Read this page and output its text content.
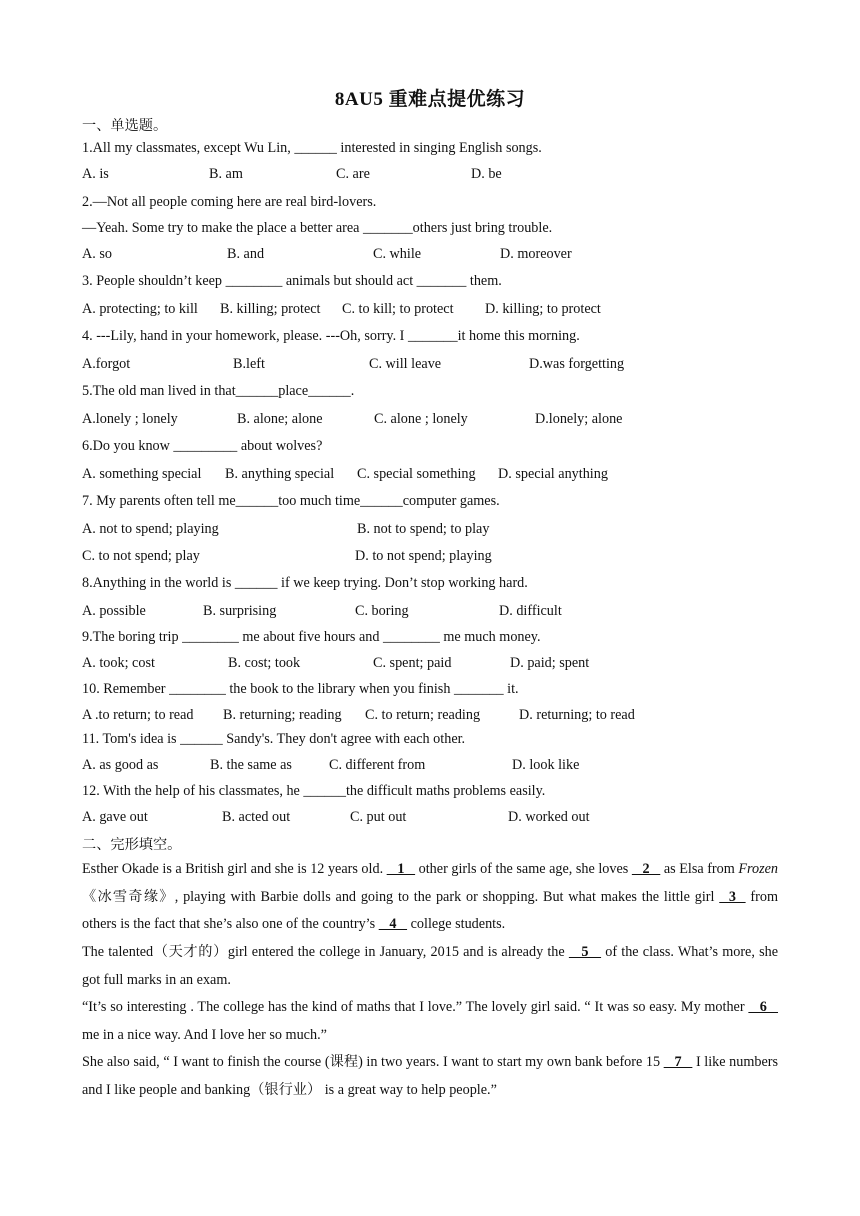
8AU5 重难点提优练习
一、单选题。
1.All my classmates, except Wu Lin, ______ interested in singing English songs.
A. is	B. am	C. are	D. be
2.—Not all people coming here are real bird-lovers.
—Yeah. Some try to make the place a better area _______others just bring trouble.
A. so	B. and	C. while	D. moreover
3. People shouldn’t keep ________ animals but should act _______ them.
A. protecting; to kill B. killing; protect C. to kill; to protect D. killing; to protect
4. ---Lily, hand in your homework, please. ---Oh, sorry. I _______it home this morning.
A.forgot	B.left	C. will leave	D.was forgetting
5.The old man lived in that______place______.
A.lonely ; lonely	B. alone; alone	C. alone ; lonely	D.lonely; alone
6.Do you know _________ about wolves?
A. something special B. anything special C. special something D. special anything
7. My parents often tell me______too much time______computer games.
A. not to spend; playing	B. not to spend; to play
C. to not spend; play	D. to not spend; playing
8.Anything in the world is ______ if we keep trying. Don’t stop working hard.
A. possible	B. surprising	C. boring	D. difficult
9.The boring trip ________ me about five hours and ________ me much money.
A. took; cost	B. cost; took	C. spent; paid	D. paid; spent
10. Remember ________ the book to the library when you finish _______ it.
A .to return; to read B. returning; reading C. to return; reading	D. returning; to read
11. Tom's idea is ______ Sandy's. They don't agree with each other.
A. as good as	B. the same as	C. different from	D. look like
12. With the help of his classmates, he ______the difficult maths problems easily.
A. gave out	B. acted out	C. put out	D. worked out
二、完形填空。
Esther Okade is a British girl and she is 12 years old.    1    other girls of the same age, she loves    2    as Elsa from Frozen《冰雪奇缘》, playing with Barbie dolls and going to the park or shopping. But what makes the little girl   3   from others is the fact that she’s also one of the country’s    4    college students.
The talented（天才的）girl entered the college in January, 2015 and is already the    5    of the class. What’s more, she got full marks in an exam.
“It’s so interesting . The college has the kind of maths that I love.” The lovely girl said. “ It was so easy. My mother    6    me in a nice way. And I love her so much.”
She also said, “ I want to finish the course (课程) in two years. I want to start my own bank before 15    7    I like numbers and I like people and banking（银行业） is a great way to help people.”
